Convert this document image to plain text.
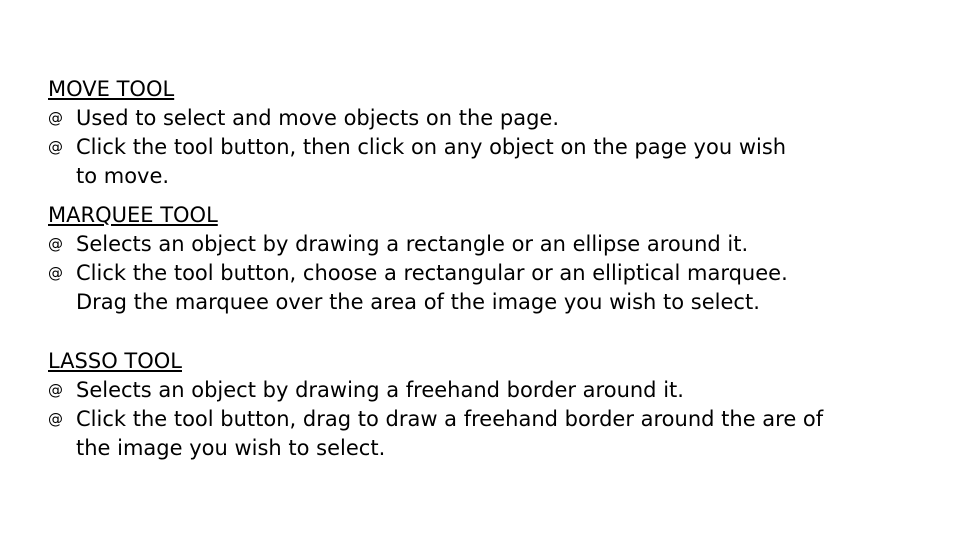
MOVE TOOL
@ Used to select and move objects on the page.
@ Click the tool button, then click on any object on the page you wish
to move.
MARQUEE TOOL
@ Selects an object by drawing a rectangle or an ellipse around it.
@ Click the tool button, choose a rectangular or an elliptical marquee.
Drag the marquee over the area of the image you wish to select.
LASSO TOOL
@ Selects an object by drawing a freehand border around it.
@ Click the tool button, drag to draw a freehand border around the are of
the image you wish to select.
